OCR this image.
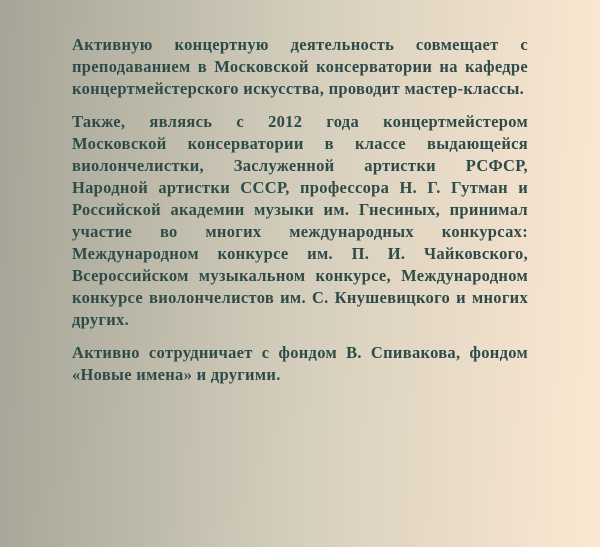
Активную концертную деятельность совмещает с преподаванием в Московской консерватории на кафедре концертмейстерского искусства, проводит мастер-классы.

Также, являясь с 2012 года концертмейстером Московской консерватории в классе выдающейся виолончелистки, Заслуженной артистки РСФСР, Народной артистки СССР, профессора Н. Г. Гутман и Российской академии музыки им. Гнесиных, принимал участие во многих международных конкурсах: Международном конкурсе им. П. И. Чайковского, Всероссийском музыкальном конкурсе, Международном конкурсе виолончелистов им. С. Кнушевицкого и многих других.

Активно сотрудничает с фондом В. Спивакова, фондом «Новые имена» и другими.
